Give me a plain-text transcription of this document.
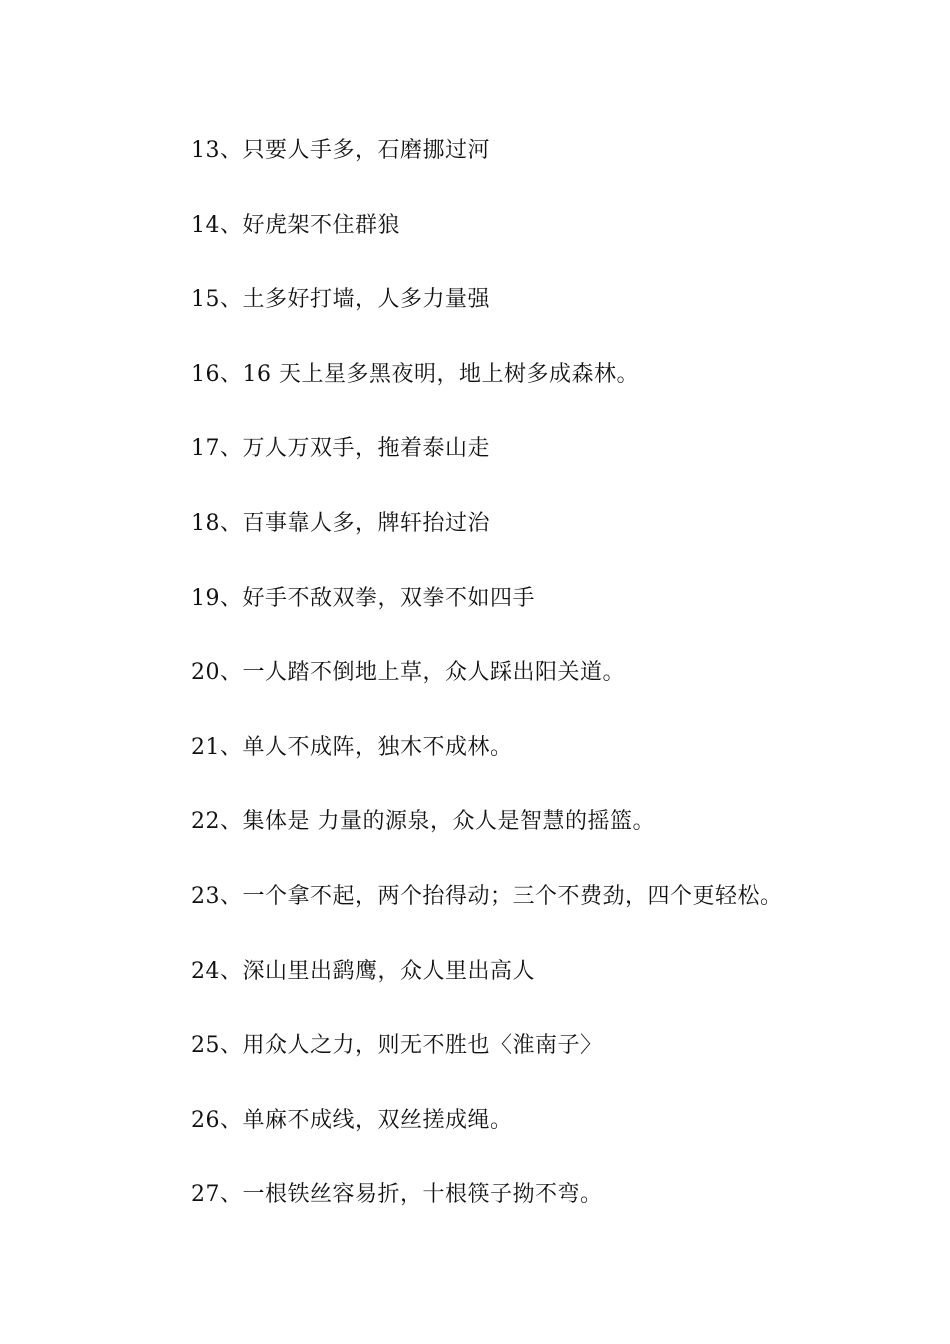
13、只要人手多，石磨挪过河
14、好虎架不住群狼
15、土多好打墙，人多力量强
16、16 天上星多黑夜明，地上树多成森林。
17、万人万双手，拖着泰山走
18、百事靠人多，牌轩抬过治
19、好手不敌双拳，双拳不如四手
20、一人踏不倒地上草，众人踩出阳关道。
21、单人不成阵，独木不成林。
22、集体是 力量的源泉，众人是智慧的摇篮。
23、一个拿不起，两个抬得动；三个不费劲，四个更轻松。
24、深山里出鹞鹰，众人里出高人
25、用众人之力，则无不胜也〈淮南子〉
26、单麻不成线，双丝搓成绳。
27、一根铁丝容易折，十根筷子拗不弯。
